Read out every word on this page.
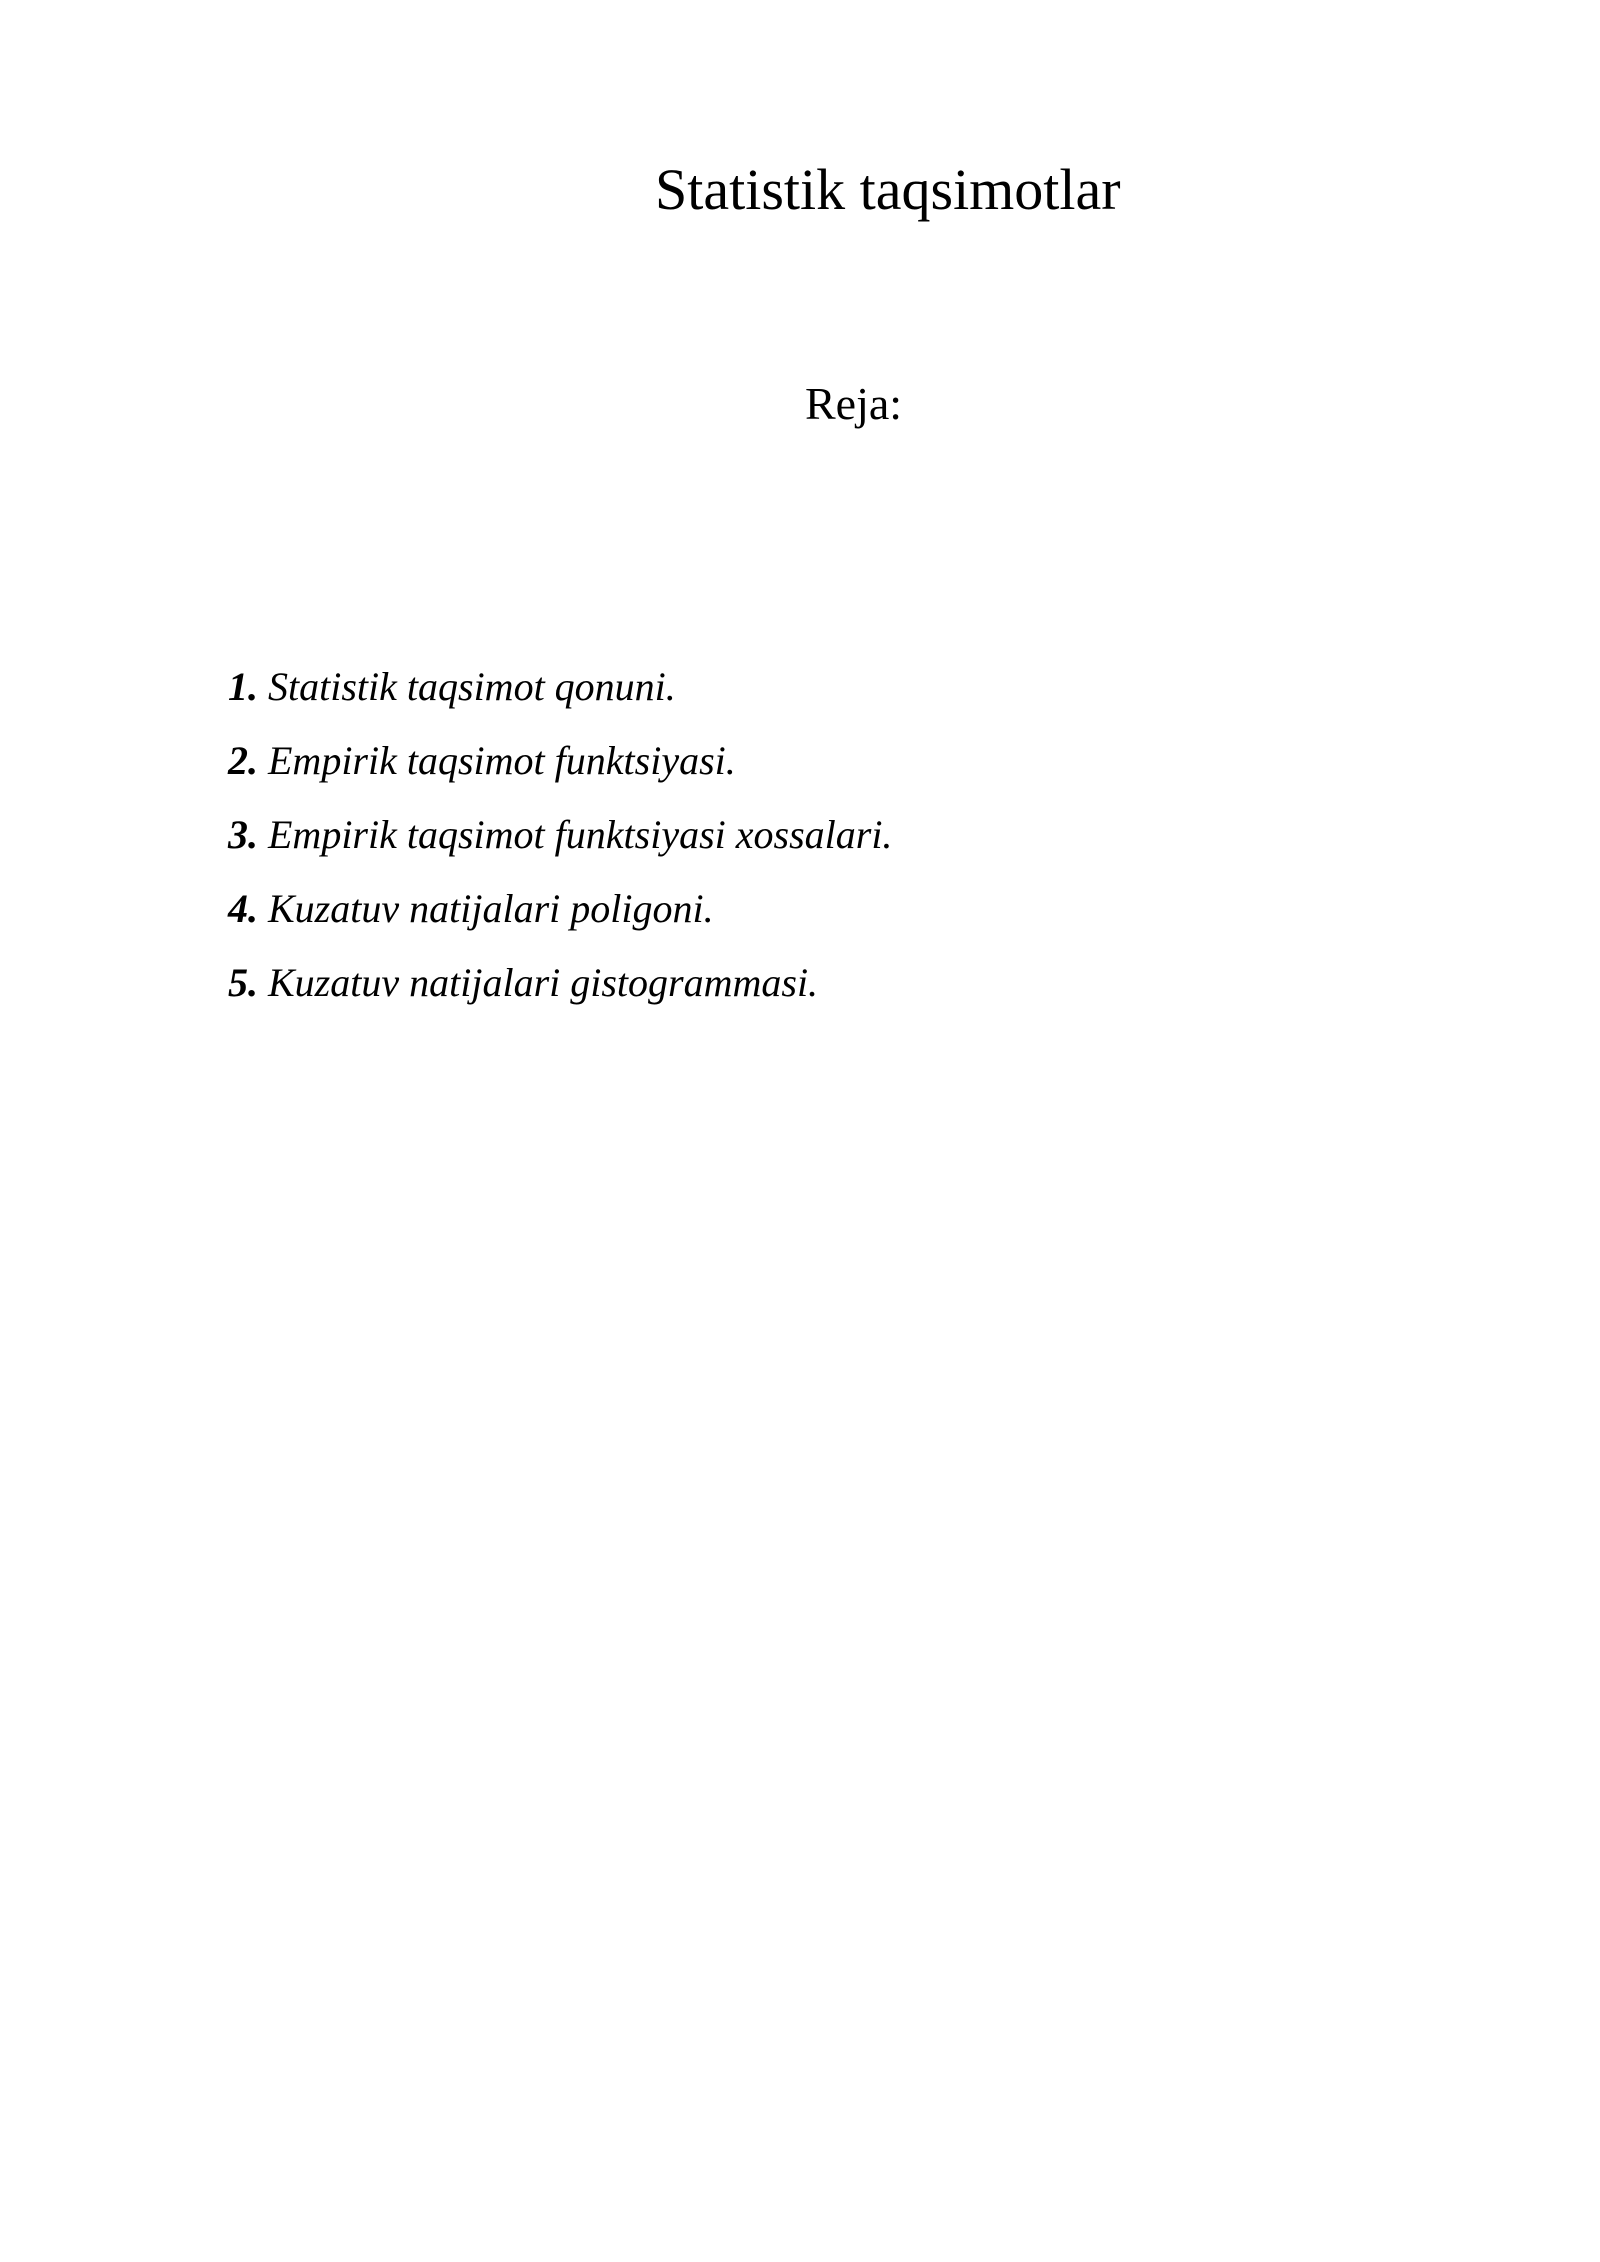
Statistik taqsimotlar
Reja:
1. Statistik taqsimot qonuni.
2. Empirik taqsimot funktsiyasi.
3. Empirik taqsimot funktsiyasi xossalari.
4. Kuzatuv natijalari poligoni.
5. Kuzatuv natijalari gistogrammasi.
